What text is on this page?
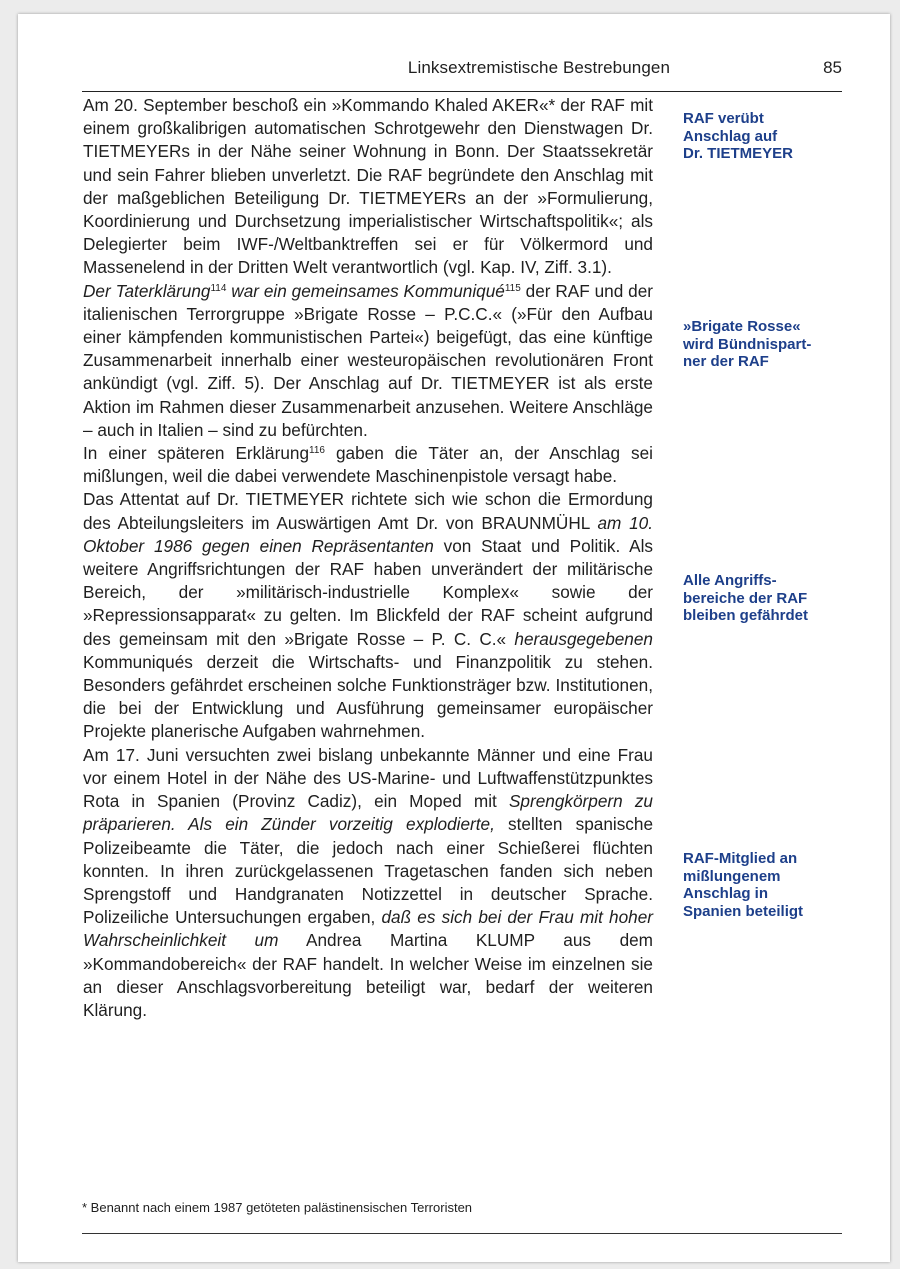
Linksextremistische Bestrebungen	85

Am 20. September beschoß ein »Kommando Khaled AKER«* der RAF mit einem großkalibrigen automatischen Schrotgewehr den Dienstwagen Dr. TIETMEYERs in der Nähe seiner Wohnung in Bonn. Der Staatssekretär und sein Fahrer blieben unverletzt. Die RAF begründete den Anschlag mit der maßgeblichen Beteiligung Dr. TIETMEYERs an der »Formulierung, Koordinierung und Durchsetzung imperialistischer Wirtschaftspolitik«; als Delegierter beim IWF-/Weltbanktreffen sei er für Völkermord und Massenelend in der Dritten Welt verantwortlich (vgl. Kap. IV, Ziff. 3.1).

Der Taterklärung$^{114}$ war ein gemeinsames Kommuniqué$^{115}$ der RAF und der italienischen Terrorgruppe »Brigate Rosse – P.C.C.« (»Für den Aufbau einer kämpfenden kommunistischen Partei«) beigefügt, das eine künftige Zusammenarbeit innerhalb einer westeuropäischen revolutionären Front ankündigt (vgl. Ziff. 5). Der Anschlag auf Dr. TIETMEYER ist als erste Aktion im Rahmen dieser Zusammenarbeit anzusehen. Weitere Anschläge – auch in Italien – sind zu befürchten.

In einer späteren Erklärung$^{116}$ gaben die Täter an, der Anschlag sei mißlungen, weil die dabei verwendete Maschinenpistole versagt habe.

Das Attentat auf Dr. TIETMEYER richtete sich wie schon die Ermordung des Abteilungsleiters im Auswärtigen Amt Dr. von BRAUNMÜHL am 10. Oktober 1986 gegen einen Repräsentanten von Staat und Politik. Als weitere Angriffsrichtungen der RAF haben unverändert der militärische Bereich, der »militärisch-industrielle Komplex« sowie der »Repressionsapparat« zu gelten. Im Blickfeld der RAF scheint aufgrund des gemeinsam mit den »Brigate Rosse – P. C. C.« herausgegebenen Kommuniqués derzeit die Wirtschafts- und Finanzpolitik zu stehen. Besonders gefährdet erscheinen solche Funktionsträger bzw. Institutionen, die bei der Entwicklung und Ausführung gemeinsamer europäischer Projekte planerische Aufgaben wahrnehmen.

Am 17. Juni versuchten zwei bislang unbekannte Männer und eine Frau vor einem Hotel in der Nähe des US-Marine- und Luftwaffenstützpunktes Rota in Spanien (Provinz Cadiz), ein Moped mit Sprengkörpern zu präparieren. Als ein Zünder vorzeitig explodierte, stellten spanische Polizeibeamte die Täter, die jedoch nach einer Schießerei flüchten konnten. In ihren zurückgelassenen Tragetaschen fanden sich neben Sprengstoff und Handgranaten Notizzettel in deutscher Sprache. Polizeiliche Untersuchungen ergaben, daß es sich bei der Frau mit hoher Wahrscheinlichkeit um Andrea Martina KLUMP aus dem »Kommandobereich« der RAF handelt. In welcher Weise im einzelnen sie an dieser Anschlagsvorbereitung beteiligt war, bedarf der weiteren Klärung.

RAF verübt
Anschlag auf
Dr. TIETMEYER
»Brigate Rosse«
wird Bündnispart-
ner der RAF
Alle Angriffs-
bereiche der RAF
bleiben gefährdet
RAF-Mitglied an
mißlungenem
Anschlag in
Spanien beteiligt
* Benannt nach einem 1987 getöteten palästinensischen Terroristen
